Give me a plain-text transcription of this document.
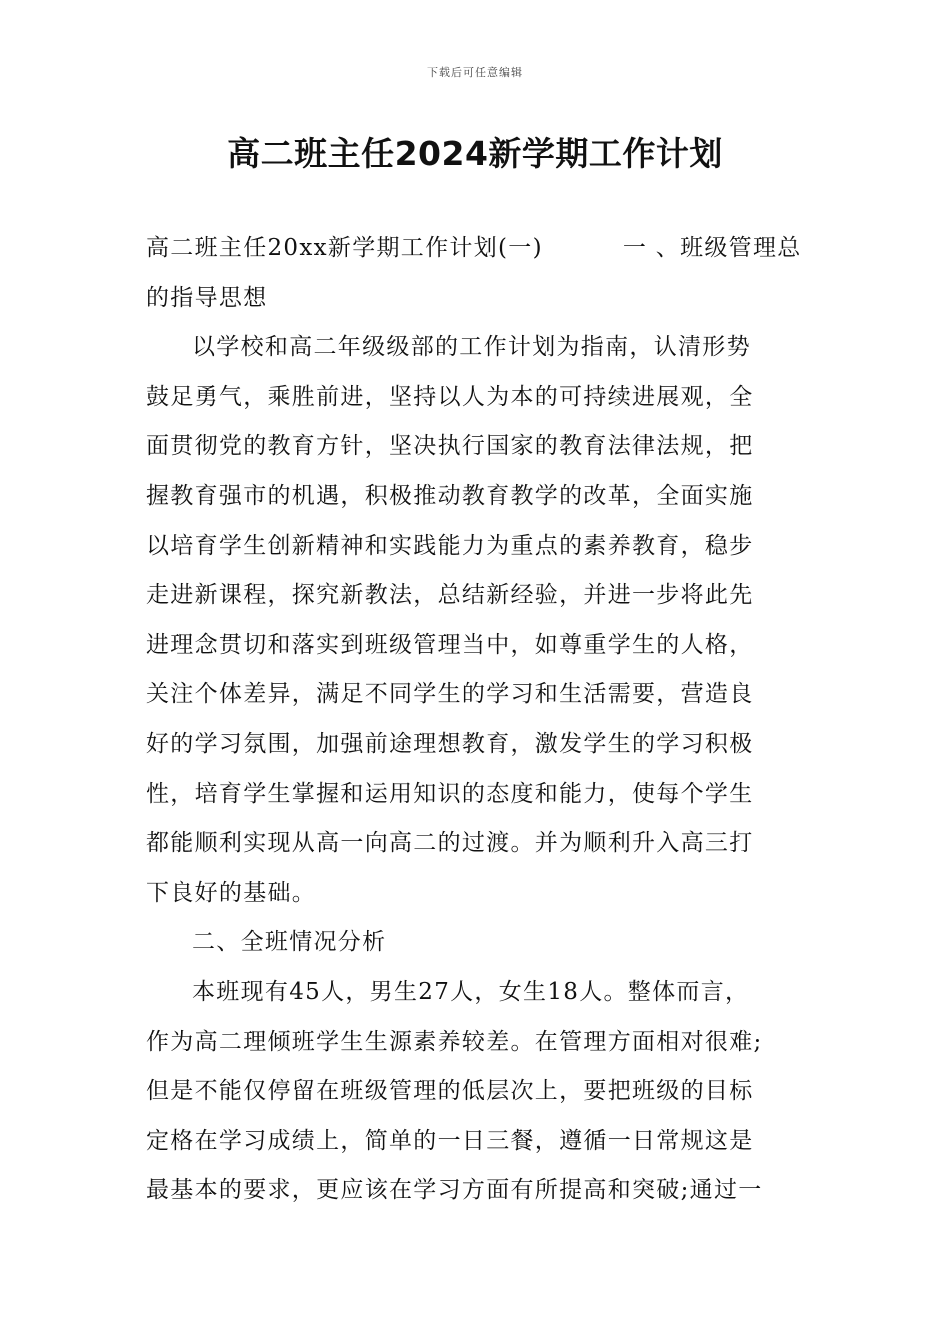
下载后可任意编辑
高二班主任2024新学期工作计划

高二班主任20xx新学期工作计划(一)	一 、班级管理总
的指导思想

以学校和高二年级级部的工作计划为指南，认清形势
鼓足勇气，乘胜前进，坚持以人为本的可持续进展观，全
面贯彻党的教育方针，坚决执行国家的教育法律法规，把
握教育强市的机遇，积极推动教育教学的改革，全面实施
以培育学生创新精神和实践能力为重点的素养教育，稳步
走进新课程，探究新教法，总结新经验，并进一步将此先
进理念贯切和落实到班级管理当中，如尊重学生的人格，
关注个体差异，满足不同学生的学习和生活需要，营造良
好的学习氛围，加强前途理想教育，激发学生的学习积极
性，培育学生掌握和运用知识的态度和能力，使每个学生
都能顺利实现从高一向高二的过渡。并为顺利升入高三打
下良好的基础。

二、全班情况分析

本班现有45人，男生27人，女生18人。整体而言，
作为高二理倾班学生生源素养较差。在管理方面相对很难;
但是不能仅停留在班级管理的低层次上，要把班级的目标
定格在学习成绩上，简单的一日三餐，遵循一日常规这是
最基本的要求，更应该在学习方面有所提高和突破;通过一
